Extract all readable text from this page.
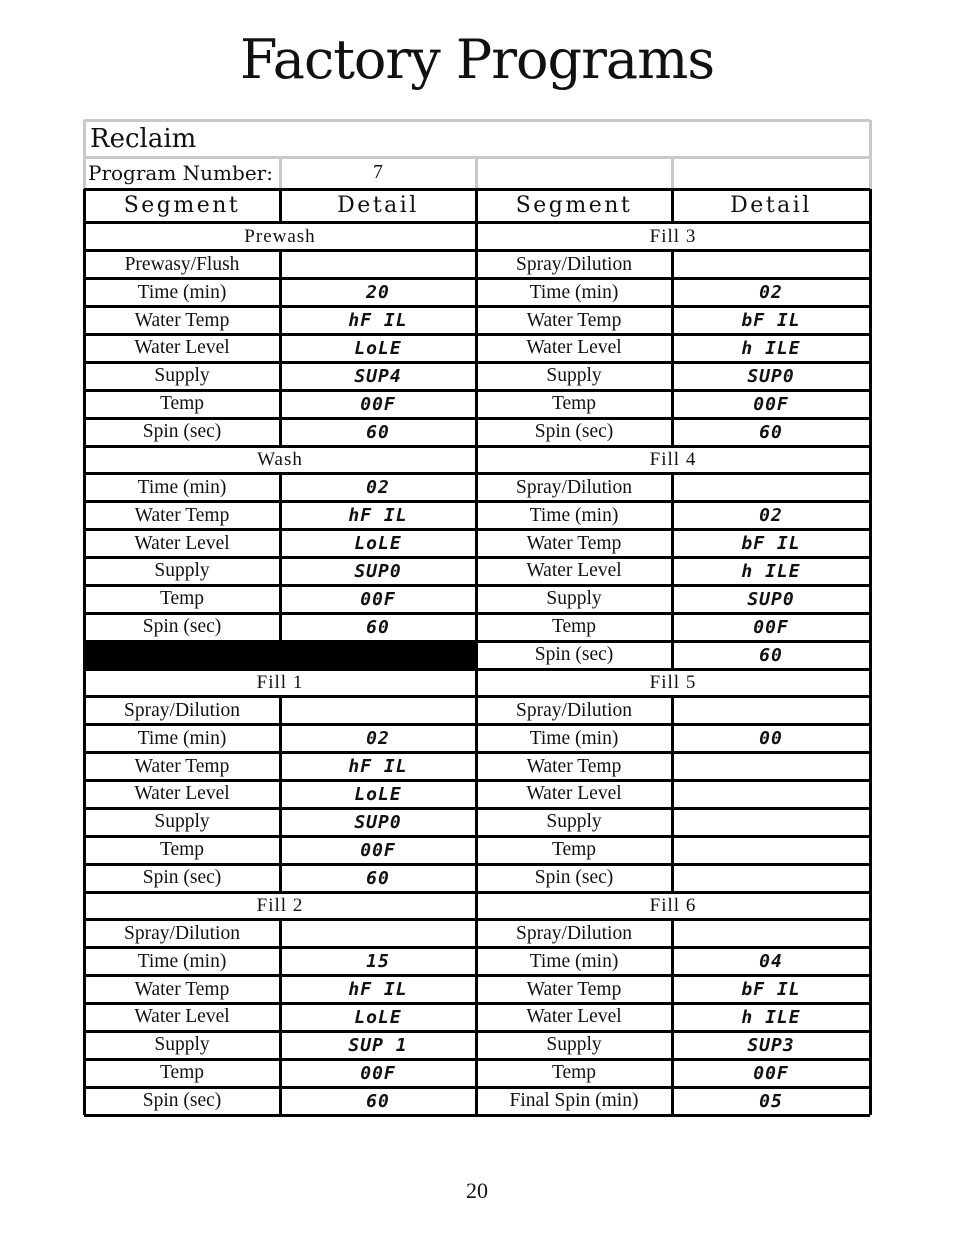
Factory Programs
Reclaim
Program Number:	7
Segment	Detail	Segment	Detail
Prewash
Prewasy/Flush
Time (min)	20
Water Temp	hF IL
Water Level	LoLE
Supply	SUP4
Temp	00F
Spin (sec)	60
Wash
Time (min)	02
Water Temp	hF IL
Water Level	LoLE
Supply	SUP0
Temp	00F
Spin (sec)	60
Fill 1
Spray/Dilution
Time (min)	02
Water Temp	hF IL
Water Level	LoLE
Supply	SUP0
Temp	00F
Spin (sec)	60
Fill 2
Spray/Dilution
Time (min)	15
Water Temp	hF IL
Water Level	LoLE
Supply	SUP 1
Temp	00F
Spin (sec)	60
Fill 3
Spray/Dilution
Time (min)	02
Water Temp	bF IL
Water Level	h ILE
Supply	SUP0
Temp	00F
Spin (sec)	60
Fill 4
Spray/Dilution
Time (min)	02
Water Temp	bF IL
Water Level	h ILE
Supply	SUP0
Temp	00F
Spin (sec)	60
Fill 5
Spray/Dilution
Time (min)	00
Water Temp
Water Level
Supply
Temp
Spin (sec)
Fill 6
Spray/Dilution
Time (min)	04
Water Temp	bF IL
Water Level	h ILE
Supply	SUP3
Temp	00F
Final Spin (min)	05
20
